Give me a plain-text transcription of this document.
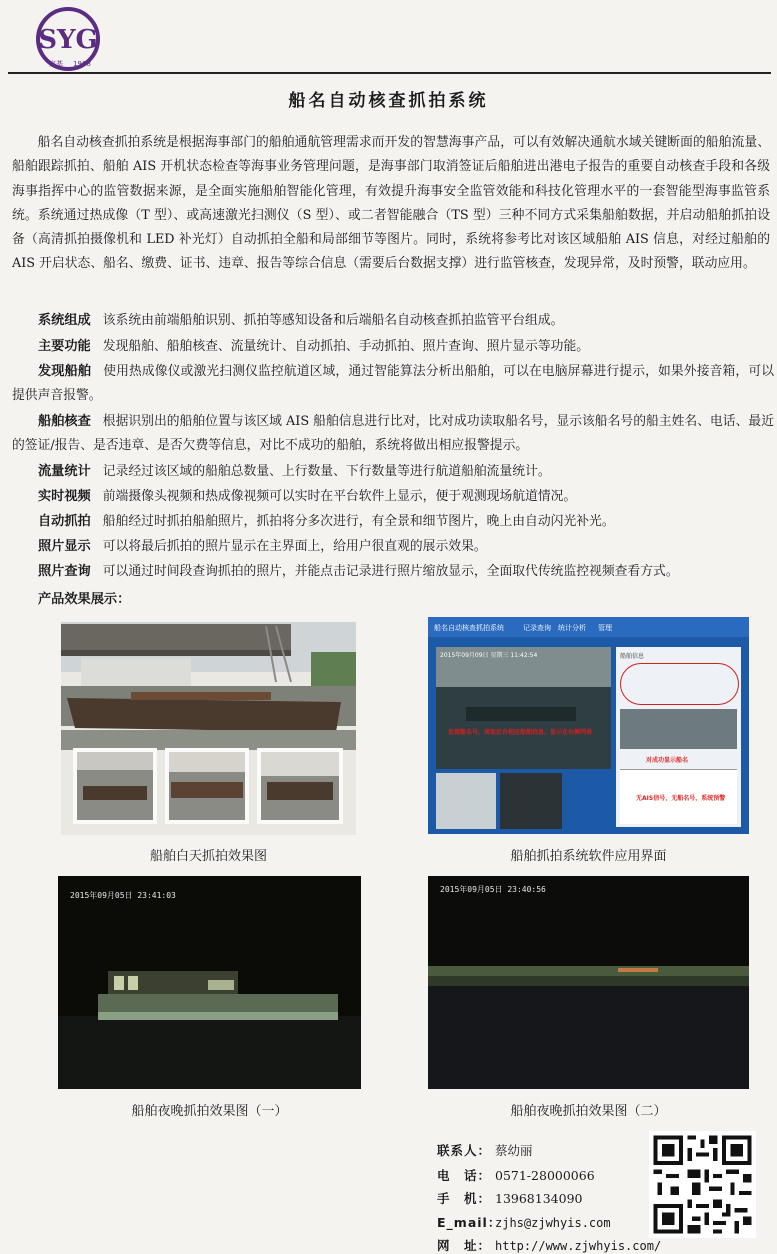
SYG
宸基 1988
船名自动核查抓拍系统

船名自动核查抓拍系统是根据海事部门的船舶通航管理需求而开发的智慧海事产品，可以有效解决通航水域关键断面的船舶流量、船舶跟踪抓拍、船舶 AIS 开机状态检查等海事业务管理问题，是海事部门取消签证后船舶进出港电子报告的重要自动核查手段和各级海事指挥中心的监管数据来源，是全面实施船舶智能化管理，有效提升海事安全监管效能和科技化管理水平的一套智能型海事监管系统。系统通过热成像（T 型）、或高速激光扫测仪（S 型）、或二者智能融合（TS 型）三种不同方式采集船舶数据，并启动船舶抓拍设备（高清抓拍摄像机和 LED 补光灯）自动抓拍全船和局部细节等图片。同时，系统将参考比对该区域船舶 AIS 信息，对经过船舶的 AIS 开启状态、船名、缴费、证书、违章、报告等综合信息（需要后台数据支撑）进行监管核查，发现异常，及时预警，联动应用。

系统组成 该系统由前端船舶识别、抓拍等感知设备和后端船名自动核查抓拍监管平台组成。

主要功能 发现船舶、船舶核查、流量统计、自动抓拍、手动抓拍、照片查询、照片显示等功能。

发现船舶 使用热成像仪或激光扫测仪监控航道区域，通过智能算法分析出船舶，可以在电脑屏幕进行提示，如果外接音箱，可以提供声音报警。

船舶核查 根据识别出的船舶位置与该区域 AIS 船舶信息进行比对，比对成功读取船名号，显示该船名号的船主姓名、电话、最近的签证/报告、是否违章、是否欠费等信息，对比不成功的船舶，系统将做出相应报警提示。

流量统计 记录经过该区域的船舶总数量、上行数量、下行数量等进行航道船舶流量统计。

实时视频 前端摄像头视频和热成像视频可以实时在平台软件上显示，便于观测现场航道情况。

自动抓拍 船舶经过时抓拍船舶照片，抓拍将分多次进行，有全景和细节图片，晚上由自动闪光补光。

照片显示 可以将最后抓拍的照片显示在主界面上，给用户很直观的展示效果。

照片查询 可以通过时间段查询抓拍的照片，并能点击记录进行照片缩放显示，全面取代传统监控视频查看方式。

产品效果展示：
船舶白天抓拍效果图
船名自动核查抓拍系统	记录查询 统计分析 管理
2015年09月09日 星期三 11:42:54
发现船名号，读取后台相应船舶信息，显示在右侧列表
船舶信息
对成功显示船名
无AIS信号，无船名号，系统预警
船舶抓拍系统软件应用界面
2015年09月05日 23:41:03
船舶夜晚抓拍效果图（一）
2015年09月05日 23:40:56
船舶夜晚抓拍效果图（二）
联系人： 蔡幼丽
电　话： 0571-28000066
手　机： 13968134090
E_mail：zjhs@zjwhyis.com
网　址： http://www.zjwhyis.com/
